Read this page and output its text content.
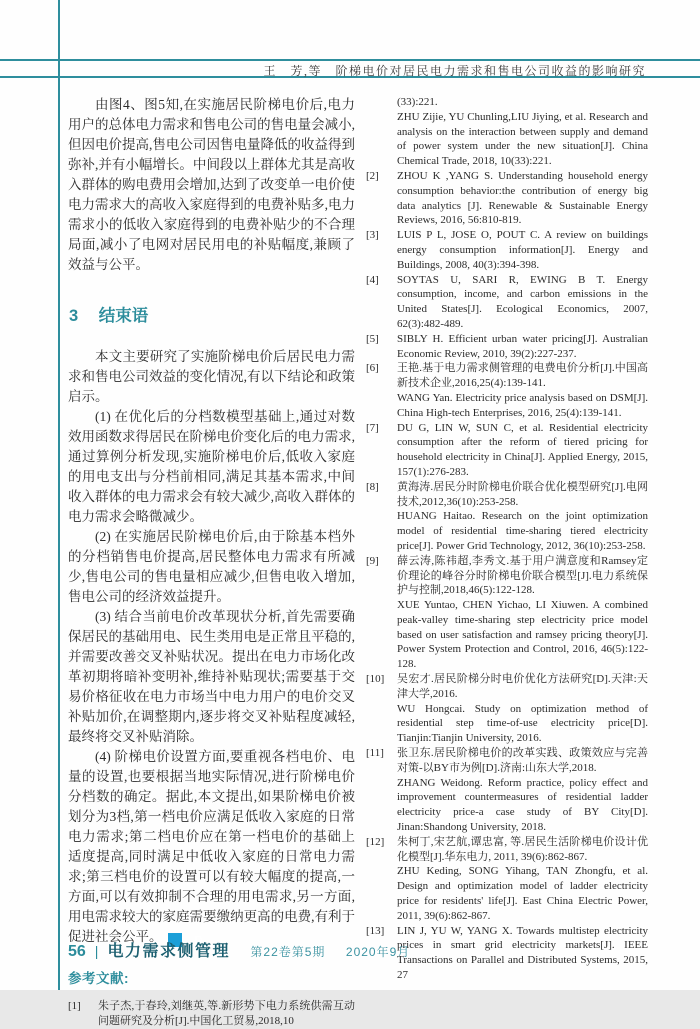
王　芳,等　阶梯电价对居民电力需求和售电公司收益的影响研究

由图4、图5知,在实施居民阶梯电价后,电力用户的总体电力需求和售电公司的售电量会减小,但因电价提高,售电公司因售电量降低的收益得到弥补,并有小幅增长。中间段以上群体尤其是高收入群体的购电费用会增加,达到了改变单一电价使电力需求大的高收入家庭得到的电费补贴多,电力需求小的低收入家庭得到的电费补贴少的不合理局面,减小了电网对居民用电的补贴幅度,兼顾了效益与公平。

3 结束语

本文主要研究了实施阶梯电价后居民电力需求和售电公司效益的变化情况,有以下结论和政策启示。

(1) 在优化后的分档数模型基础上,通过对数效用函数求得居民在阶梯电价变化后的电力需求,通过算例分析发现,实施阶梯电价后,低收入家庭的用电支出与分档前相同,满足其基本需求,中间收入群体的电力需求会有较大减少,高收入群体的电力需求会略微减少。

(2) 在实施居民阶梯电价后,由于除基本档外的分档销售电价提高,居民整体电力需求有所减少,售电公司的售电量相应减少,但售电收入增加,售电公司的经济效益提升。

(3) 结合当前电价改革现状分析,首先需要确保居民的基础用电、民生类用电是正常且平稳的,并需要改善交叉补贴状况。提出在电力市场化改革初期将暗补变明补,维持补贴现状;需要基于交易价格征收在电力市场当中电力用户的电价交叉补贴加价,在调整期内,逐步将交叉补贴程度减轻,最终将交叉补贴消除。

(4) 阶梯电价设置方面,要重视各档电价、电量的设置,也要根据当地实际情况,进行阶梯电价分档数的确定。据此,本文提出,如果阶梯电价被划分为3档,第一档电价应满足低收入家庭的日常电力需求;第二档电价应在第一档电价的基础上适度提高,同时满足中低收入家庭的日常电力需求;第三档电价的设置可以有较大幅度的提高,一方面,可以有效抑制不合理的用电需求,另一方面,用电需求较大的家庭需要缴纳更高的电费,有利于促进社会公平。	D

参考文献:
[1] 朱子杰,于春玲,刘继英,等.新形势下电力系统供需互动问题研究及分析[J].中国化工贸易,2018,10
(33):221.
ZHU Zijie, YU Chunling,LIU Jiying, et al. Research and analysis on the interaction between supply and demand of power system under the new situation[J]. China Chemical Trade, 2018, 10(33):221.
[2] ZHOU K ,YANG S. Understanding household energy consumption behavior:the contribution of energy big data analytics [J]. Renewable & Sustainable Energy Reviews, 2016, 56:810-819.
[3] LUIS P L, JOSE O, POUT C. A review on buildings energy consumption information[J]. Energy and Buildings, 2008, 40(3):394-398.
[4] SOYTAS U, SARI R, EWING B T. Energy consumption, income, and carbon emissions in the United States[J]. Ecological Economics, 2007, 62(3):482-489.
[5] SIBLY H. Efficient urban water pricing[J]. Australian Economic Review, 2010, 39(2):227-237.
[6] 王艳.基于电力需求侧管理的电费电价分析[J].中国高新技术企业,2016,25(4):139-141.
WANG Yan. Electricity price analysis based on DSM[J]. China High-tech Enterprises, 2016, 25(4):139-141.
[7] DU G, LIN W, SUN C, et al. Residential electricity consumption after the reform of tiered pricing for household electricity in China[J]. Applied Energy, 2015, 157(1):276-283.
[8] 黄海涛.居民分时阶梯电价联合优化模型研究[J].电网技术,2012,36(10):253-258.
HUANG Haitao. Research on the joint optimization model of residential time-sharing tiered electricity price[J]. Power Grid Technology, 2012, 36(10):253-258.
[9] 薛云涛,陈祎超,李秀文.基于用户满意度和Ramsey定价理论的峰谷分时阶梯电价联合模型[J].电力系统保护与控制,2018,46(5):122-128.
XUE Yuntao, CHEN Yichao, LI Xiuwen. A combined peak-valley time-sharing step electricity price model based on user satisfaction and ramsey pricing theory[J]. Power System Protection and Control, 2016, 46(5):122-128.
[10] 吴宏才.居民阶梯分时电价优化方法研究[D].天津:天津大学,2016.
WU Hongcai. Study on optimization method of residential step time-of-use electricity price[D]. Tianjin:Tianjin University, 2016.
[11] 张卫东.居民阶梯电价的改革实践、政策效应与完善对策-以BY市为例[D].济南:山东大学,2018.
ZHANG Weidong. Reform practice, policy effect and improvement countermeasures of residential ladder electricity price-a case study of BY City[D]. Jinan:Shandong University, 2018.
[12] 朱柯丁,宋艺航,谭忠富, 等.居民生活阶梯电价设计优化模型[J].华东电力, 2011, 39(6):862-867.
ZHU Keding, SONG Yihang, TAN Zhongfu, et al. Design and optimization model of ladder electricity price for residents' life[J]. East China Electric Power, 2011, 39(6):862-867.
[13] LIN J, YU W, YANG X. Towards multistep electricity prices in smart grid electricity markets[J]. IEEE Transactions on Parallel and Distributed Systems, 2015, 27
56 | 电力需求侧管理 第22卷第5期 2020年9月
